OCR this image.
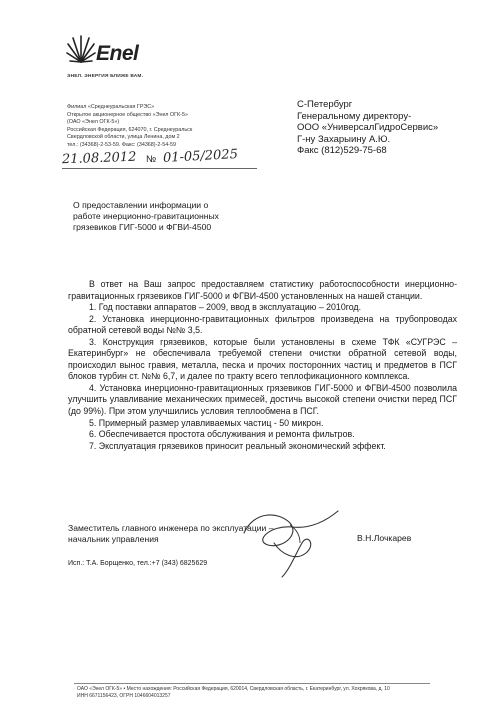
Enel
ЭНЕЛ. ЭНЕРГИЯ БЛИЖЕ ВАМ.
Филиал «Среднеуральская ГРЭС»
Открытое акционерное общество «Энел ОГК-5»
(ОАО «Энел ОГК-5»)
Российская Федерация, 624070, г. Среднеуральск
Свердловской области, улица Ленина, дом 2
тел.: (34368)-2-53-59. Факс: (34368)-2-54-59
С-Петербург
Генеральному директору-
ООО «УниверсалГидроСервис»
Г-ну Захарыину А.Ю.
Факс (812)529-75-68
21.08.2012 № 01-05/2025
О предоставлении информации о
работе инерционно-гравитационных
грязевиков ГИГ-5000 и ФГВИ-4500

В ответ на Ваш запрос предоставляем статистику работоспособности инерционно-гравитационных грязевиков ГИГ-5000 и ФГВИ-4500 установленных на нашей станции.

1. Год поставки аппаратов – 2009, ввод в эксплуатацию – 2010год.

2. Установка инерционно-гравитационных фильтров произведена на трубопроводах обратной сетевой воды №№ 3,5.

3. Конструкция грязевиков, которые были установлены в схеме ТФК «СУГРЭС – Екатеринбург» не обеспечивала требуемой степени очистки обратной сетевой воды, происходил вынос гравия, металла, песка и прочих посторонних частиц и предметов в ПСГ блоков турбин ст. №№ 6,7, и далее по тракту всего теплофикационного комплекса.

4. Установка инерционно-гравитационных грязевиков ГИГ-5000 и ФГВИ-4500 позволила улучшить улавливание механических примесей, достичь высокой степени очистки перед ПСГ (до 99%). При этом улучшились условия теплообмена в ПСГ.

5. Примерный размер улавливаемых частиц - 50 микрон.

6. Обеспечивается простота обслуживания и ремонта фильтров.

7. Эксплуатация грязевиков приносит реальный экономический эффект.

Заместитель главного инженера по эксплуатации –
начальник управления	В.Н.Лочкарев
Исп.: Т.А. Борщенко, тел.:+7 (343) 6825629
ОАО «Энел ОГК-5» • Место нахождения: Российская Федерация, 620014, Свердловская область, г. Екатеринбург, ул. Хохрякова, д. 10
ИНН 6671156423, ОГРН 1046604013257
